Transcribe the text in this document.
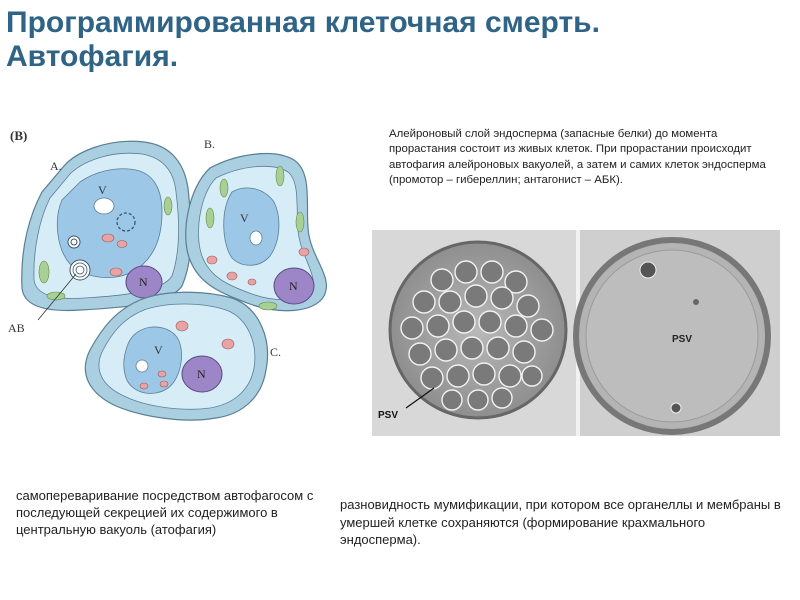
Программированная клеточная смерть.
Автофагия.
(B)
A.
B.
C.
V
V
V
N	N
N
AB
Алейроновый слой эндосперма (запасные белки) до момента прорастания состоит из живых клеток. При прорастании происходит автофагия алейроновых вакуолей, а затем и самих клеток эндосперма (промотор – гибереллин; антагонист – АБК).
PSV
PSV
самопереваривание посредством автофагосом с последующей секрецией их содержимого в центральную вакуоль (атофагия)
разновидность мумификации, при котором все органеллы и мембраны в умершей клетке сохраняются (формирование крахмального эндосперма).
